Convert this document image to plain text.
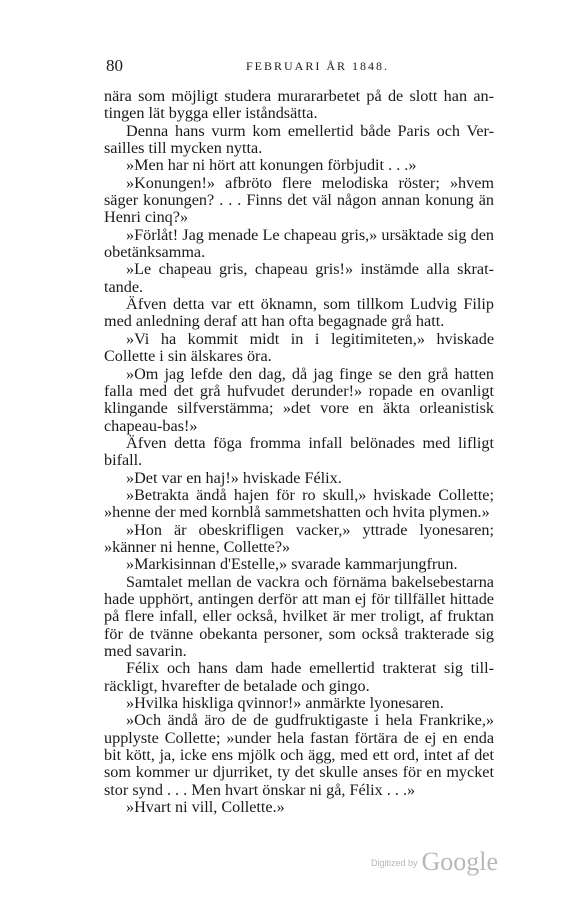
80	FEBRUARI ÅR 1848.

nära som möjligt studera murararbetet på de slott han an-tingen lät bygga eller iståndsätta.

Denna hans vurm kom emellertid både Paris och Ver-sailles till mycken nytta.

»Men har ni hört att konungen förbjudit . . .»

»Konungen!» afbröto flere melodiska röster; »hvem säger konungen? . . . Finns det väl någon annan konung än Henri cinq?»

»Förlåt! Jag menade Le chapeau gris,» ursäktade sig den obetänksamma.

»Le chapeau gris, chapeau gris!» instämde alla skrat-tande.

Äfven detta var ett öknamn, som tillkom Ludvig Filip med anledning deraf att han ofta begagnade grå hatt.

»Vi ha kommit midt in i legitimiteten,» hviskade Collette i sin älskares öra.

»Om jag lefde den dag, då jag finge se den grå hatten falla med det grå hufvudet derunder!» ropade en ovanligt klingande silfverstämma; »det vore en äkta orleanistisk chapeau-bas!»

Äfven detta föga fromma infall belönades med lifligt bifall.

»Det var en haj!» hviskade Félix.

»Betrakta ändå hajen för ro skull,» hviskade Collette; »henne der med kornblå sammetshatten och hvita plymen.»

»Hon är obeskrifligen vacker,» yttrade lyonesaren; »känner ni henne, Collette?»

»Markisinnan d'Estelle,» svarade kammarjungfrun.

Samtalet mellan de vackra och förnäma bakelsebestarna hade upphört, antingen derför att man ej för tillfället hittade på flere infall, eller också, hvilket är mer troligt, af fruktan för de tvänne obekanta personer, som också trakterade sig med savarin.

Félix och hans dam hade emellertid trakterat sig till-räckligt, hvarefter de betalade och gingo.

»Hvilka hiskliga qvinnor!» anmärkte lyonesaren.

»Och ändå äro de de gudfruktigaste i hela Frankrike,» upplyste Collette; »under hela fastan förtära de ej en enda bit kött, ja, icke ens mjölk och ägg, med ett ord, intet af det som kommer ur djurriket, ty det skulle anses för en mycket stor synd . . . Men hvart önskar ni gå, Félix . . .»

»Hvart ni vill, Collette.»

$^{Digitized by}$ Google
